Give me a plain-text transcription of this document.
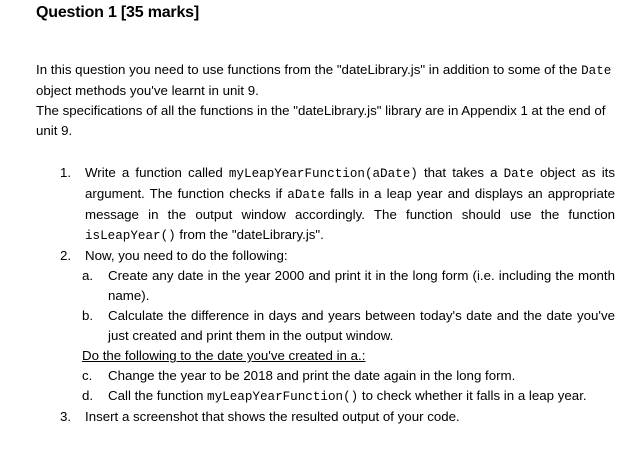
Question 1 [35 marks]

In this question you need to use functions from the "dateLibrary.js" in addition to some of the Date object methods you've learnt in unit 9.

The specifications of all the functions in the "dateLibrary.js" library are in Appendix 1 at the end of unit 9.

1. Write a function called myLeapYearFunction(aDate) that takes a Date object as its argument. The function checks if aDate falls in a leap year and displays an appropriate message in the output window accordingly. The function should use the function isLeapYear() from the "dateLibrary.js".
2. Now, you need to do the following:
a. Create any date in the year 2000 and print it in the long form (i.e. including the month name).
b. Calculate the difference in days and years between today's date and the date you've just created and print them in the output window.
Do the following to the date you've created in a.:
c. Change the year to be 2018 and print the date again in the long form.
d. Call the function myLeapYearFunction() to check whether it falls in a leap year.
3. Insert a screenshot that shows the resulted output of your code.
